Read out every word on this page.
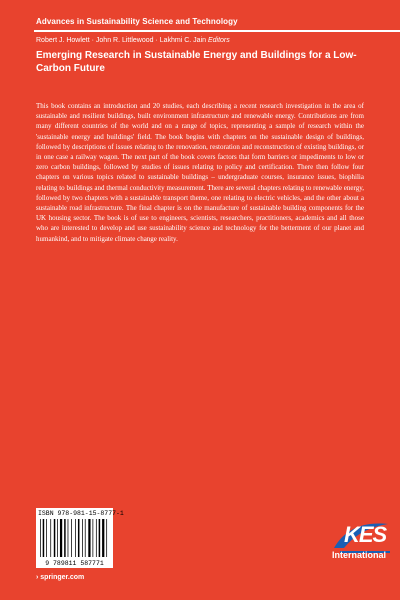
Advances in Sustainability Science and Technology
Robert J. Howlett · John R. Littlewood · Lakhmi C. Jain Editors
Emerging Research in Sustainable Energy and Buildings for a Low-Carbon Future
This book contains an introduction and 20 studies, each describing a recent research investigation in the area of sustainable and resilient buildings, built environment infrastructure and renewable energy. Contributions are from many different countries of the world and on a range of topics, representing a sample of research within the 'sustainable energy and buildings' field. The book begins with chapters on the sustainable design of buildings, followed by descriptions of issues relating to the renovation, restoration and reconstruction of existing buildings, or in one case a railway wagon. The next part of the book covers factors that form barriers or impediments to low or zero carbon buildings, followed by studies of issues relating to policy and certification. There then follow four chapters on various topics related to sustainable buildings – undergraduate courses, insurance issues, biophilia relating to buildings and thermal conductivity measurement. There are several chapters relating to renewable energy, followed by two chapters with a sustainable transport theme, one relating to electric vehicles, and the other about a sustainable road infrastructure. The final chapter is on the manufacture of sustainable building components for the UK housing sector. The book is of use to engineers, scientists, researchers, practitioners, academics and all those who are interested to develop and use sustainability science and technology for the betterment of our planet and humankind, and to mitigate climate change reality.
ISBN 978-981-15-8777-1
9 789811 587771
› springer.com
KES
International
